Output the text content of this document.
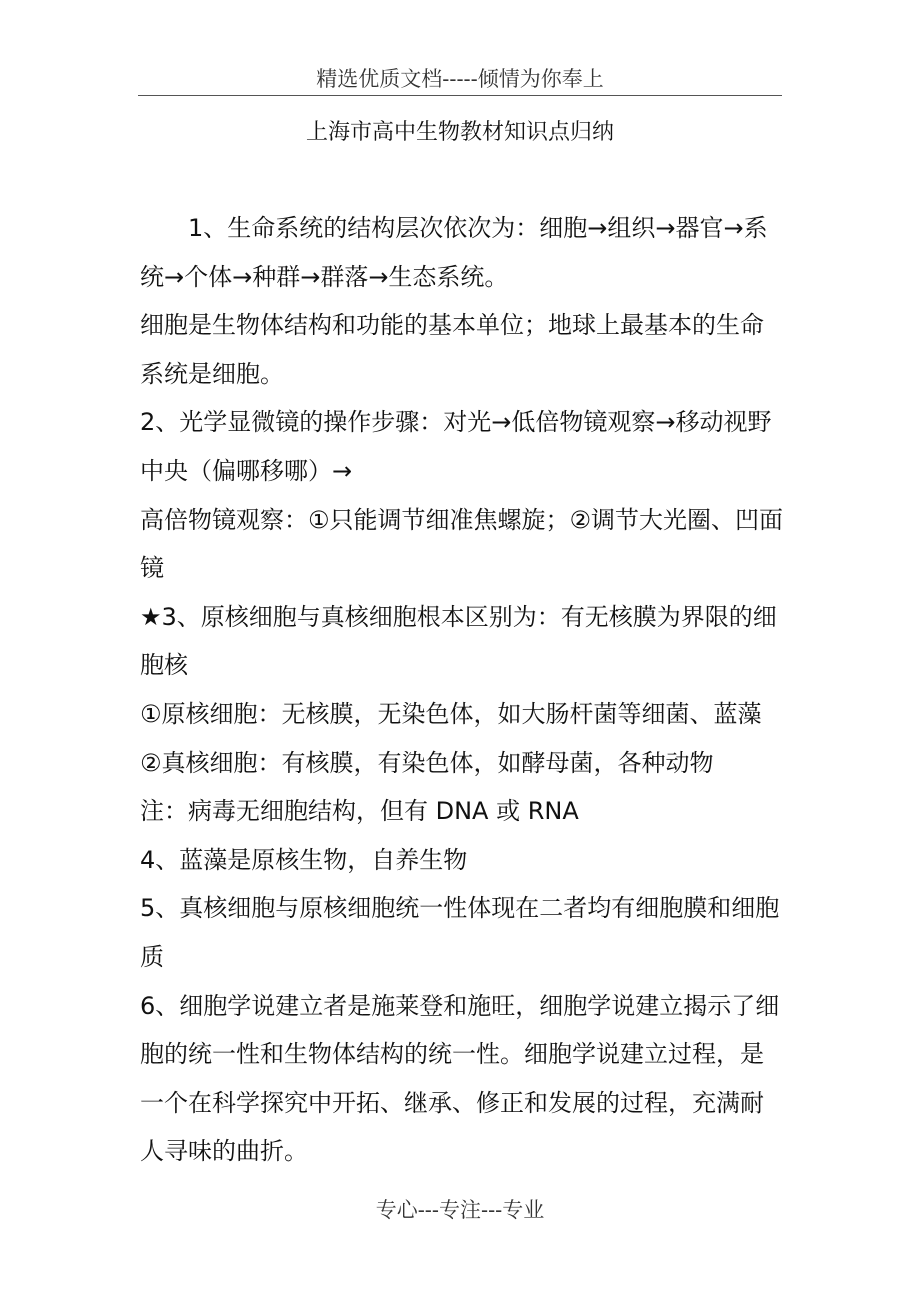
精选优质文档-----倾情为你奉上
上海市高中生物教材知识点归纳

1、生命系统的结构层次依次为：细胞→组织→器官→系统→个体→种群→群落→生态系统。

细胞是生物体结构和功能的基本单位；地球上最基本的生命系统是细胞。

2、光学显微镜的操作步骤：对光→低倍物镜观察→移动视野中央（偏哪移哪）→

高倍物镜观察：①只能调节细准焦螺旋；②调节大光圈、凹面镜

★3、原核细胞与真核细胞根本区别为：有无核膜为界限的细胞核

①原核细胞：无核膜，无染色体，如大肠杆菌等细菌、蓝藻

②真核细胞：有核膜，有染色体，如酵母菌，各种动物

注：病毒无细胞结构，但有 DNA 或 RNA

4、蓝藻是原核生物，自养生物

5、真核细胞与原核细胞统一性体现在二者均有细胞膜和细胞质

6、细胞学说建立者是施莱登和施旺，细胞学说建立揭示了细胞的统一性和生物体结构的统一性。细胞学说建立过程，是一个在科学探究中开拓、继承、修正和发展的过程，充满耐人寻味的曲折。

专心---专注---专业
